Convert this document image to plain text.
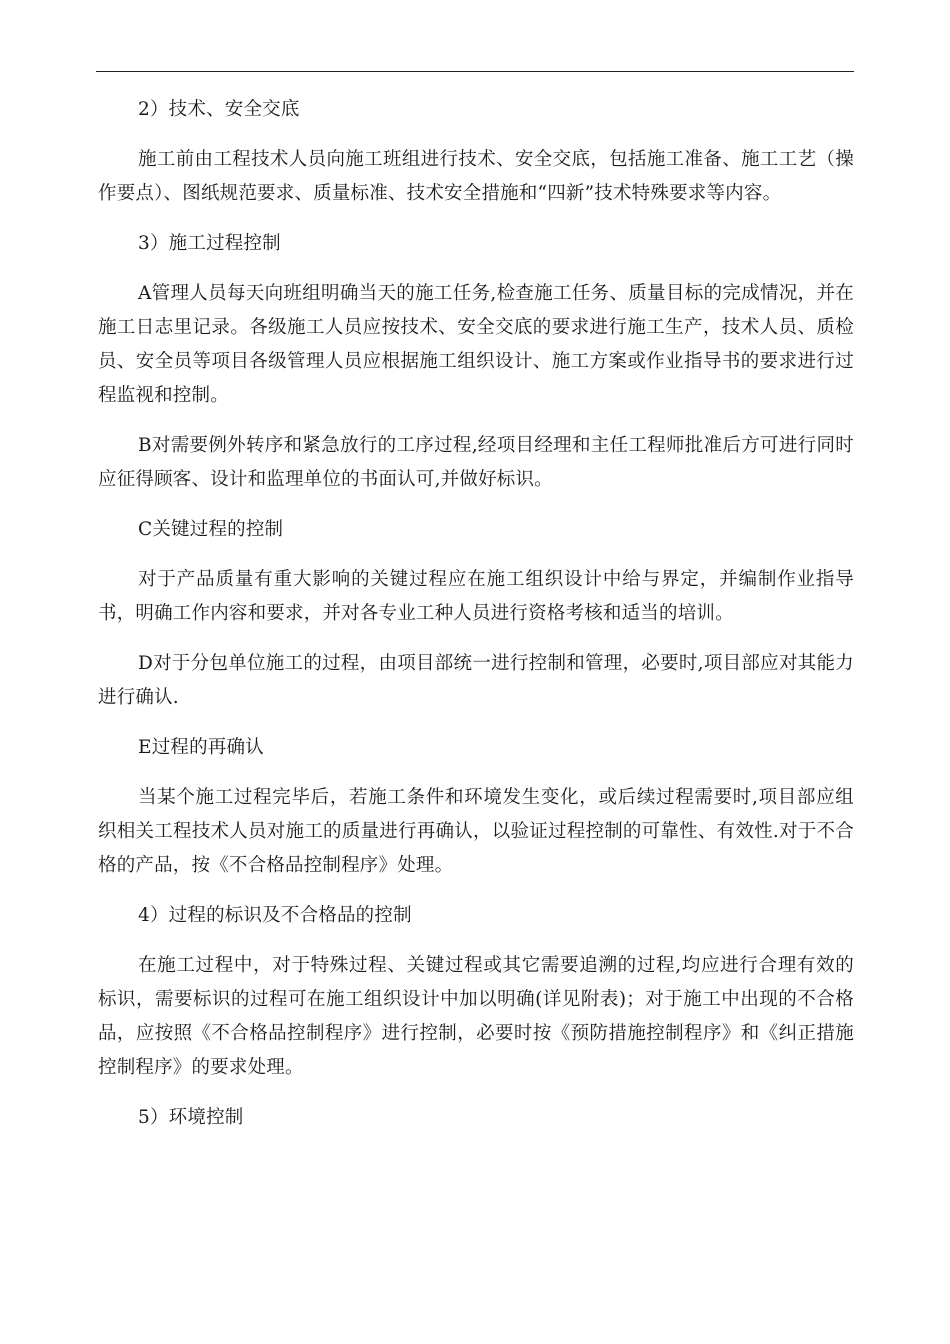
2）技术、安全交底

施工前由工程技术人员向施工班组进行技术、安全交底，包括施工准备、施工工艺（操作要点）、图纸规范要求、质量标准、技术安全措施和“四新”技术特殊要求等内容。

3）施工过程控制

A管理人员每天向班组明确当天的施工任务,检查施工任务、质量目标的完成情况，并在施工日志里记录。各级施工人员应按技术、安全交底的要求进行施工生产，技术人员、质检员、安全员等项目各级管理人员应根据施工组织设计、施工方案或作业指导书的要求进行过程监视和控制。

B对需要例外转序和紧急放行的工序过程,经项目经理和主任工程师批准后方可进行同时应征得顾客、设计和监理单位的书面认可,并做好标识。

C关键过程的控制

对于产品质量有重大影响的关键过程应在施工组织设计中给与界定，并编制作业指导书，明确工作内容和要求，并对各专业工种人员进行资格考核和适当的培训。

D对于分包单位施工的过程，由项目部统一进行控制和管理，必要时,项目部应对其能力进行确认.

E过程的再确认

当某个施工过程完毕后，若施工条件和环境发生变化，或后续过程需要时,项目部应组织相关工程技术人员对施工的质量进行再确认，以验证过程控制的可靠性、有效性.对于不合格的产品，按《不合格品控制程序》处理。

4）过程的标识及不合格品的控制

在施工过程中，对于特殊过程、关键过程或其它需要追溯的过程,均应进行合理有效的标识，需要标识的过程可在施工组织设计中加以明确(详见附表)；对于施工中出现的不合格品，应按照《不合格品控制程序》进行控制，必要时按《预防措施控制程序》和《纠正措施控制程序》的要求处理。

5）环境控制
